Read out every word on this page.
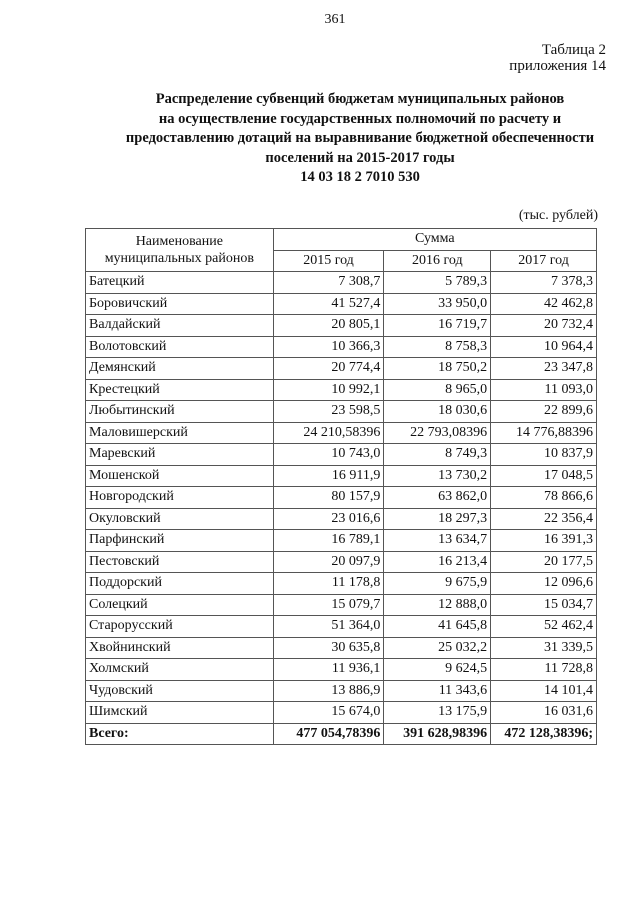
361
Таблица 2
приложения 14
Распределение субвенций бюджетам муниципальных районов
на осуществление государственных полномочий по расчету и
предоставлению дотаций на выравнивание бюджетной обеспеченности
поселений на 2015-2017 годы
14 03 18 2 7010 530
(тыс. рублей)
Наименование муниципальных районов	Сумма		
	2015 год	2016 год	2017 год
Батецкий	7 308,7	5 789,3	7 378,3
Боровичский	41 527,4	33 950,0	42 462,8
Валдайский	20 805,1	16 719,7	20 732,4
Волотовский	10 366,3	8 758,3	10 964,4
Демянский	20 774,4	18 750,2	23 347,8
Крестецкий	10 992,1	8 965,0	11 093,0
Любытинский	23 598,5	18 030,6	22 899,6
Маловишерский	24 210,58396	22 793,08396	14 776,88396
Маревский	10 743,0	8 749,3	10 837,9
Мошенской	16 911,9	13 730,2	17 048,5
Новгородский	80 157,9	63 862,0	78 866,6
Окуловский	23 016,6	18 297,3	22 356,4
Парфинский	16 789,1	13 634,7	16 391,3
Пестовский	20 097,9	16 213,4	20 177,5
Поддорский	11 178,8	9 675,9	12 096,6
Солецкий	15 079,7	12 888,0	15 034,7
Старорусский	51 364,0	41 645,8	52 462,4
Хвойнинский	30 635,8	25 032,2	31 339,5
Холмский	11 936,1	9 624,5	11 728,8
Чудовский	13 886,9	11 343,6	14 101,4
Шимский	15 674,0	13 175,9	16 031,6
Всего:	477 054,78396	391 628,98396	472 128,38396;
